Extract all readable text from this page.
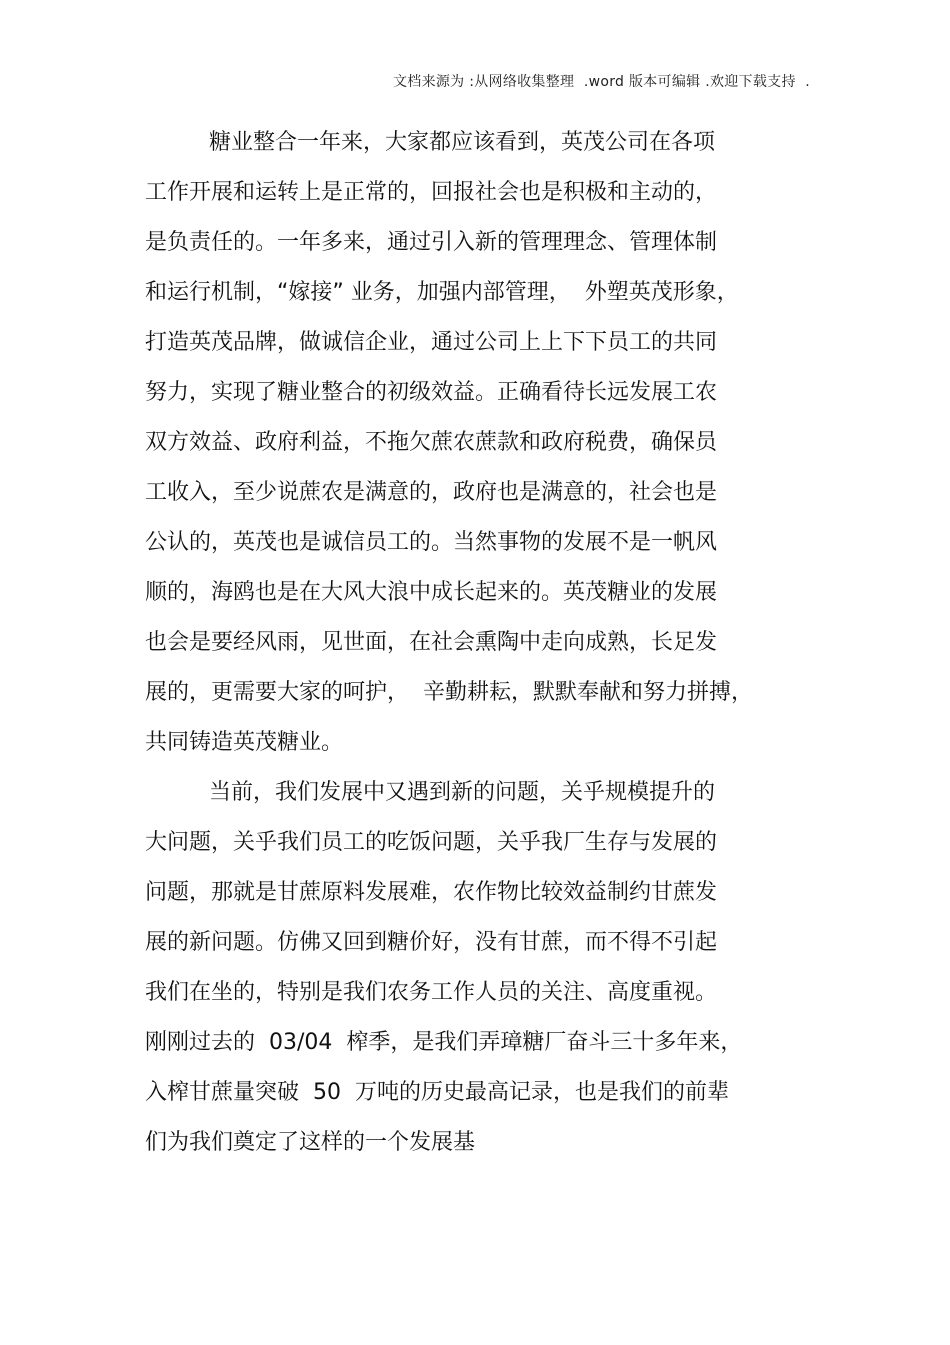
文档来源为 :从网络收集整理  .word 版本可编辑 .欢迎下载支持  .
糖业整合一年来，大家都应该看到，英茂公司在各项
工作开展和运转上是正常的，回报社会也是积极和主动的，
是负责任的。一年多来，通过引入新的管理理念、管理体制
和运行机制，“嫁接” 业务，加强内部管理，  外塑英茂形象，
打造英茂品牌，做诚信企业，通过公司上上下下员工的共同
努力，实现了糖业整合的初级效益。正确看待长远发展工农
双方效益、政府利益，不拖欠蔗农蔗款和政府税费，确保员
工收入，至少说蔗农是满意的，政府也是满意的，社会也是
公认的，英茂也是诚信员工的。当然事物的发展不是一帆风
顺的，海鸥也是在大风大浪中成长起来的。英茂糖业的发展
也会是要经风雨，见世面，在社会熏陶中走向成熟，长足发
展的，更需要大家的呵护，  辛勤耕耘，默默奉献和努力拼搏，
共同铸造英茂糖业。
当前，我们发展中又遇到新的问题，关乎规模提升的
大问题，关乎我们员工的吃饭问题，关乎我厂生存与发展的
问题，那就是甘蔗原料发展难，农作物比较效益制约甘蔗发
展的新问题。仿佛又回到糖价好，没有甘蔗，而不得不引起
我们在坐的，特别是我们农务工作人员的关注、高度重视。
刚刚过去的  03/04  榨季，是我们弄璋糖厂奋斗三十多年来，
入榨甘蔗量突破  50  万吨的历史最高记录，也是我们的前辈
们为我们奠定了这样的一个发展基
